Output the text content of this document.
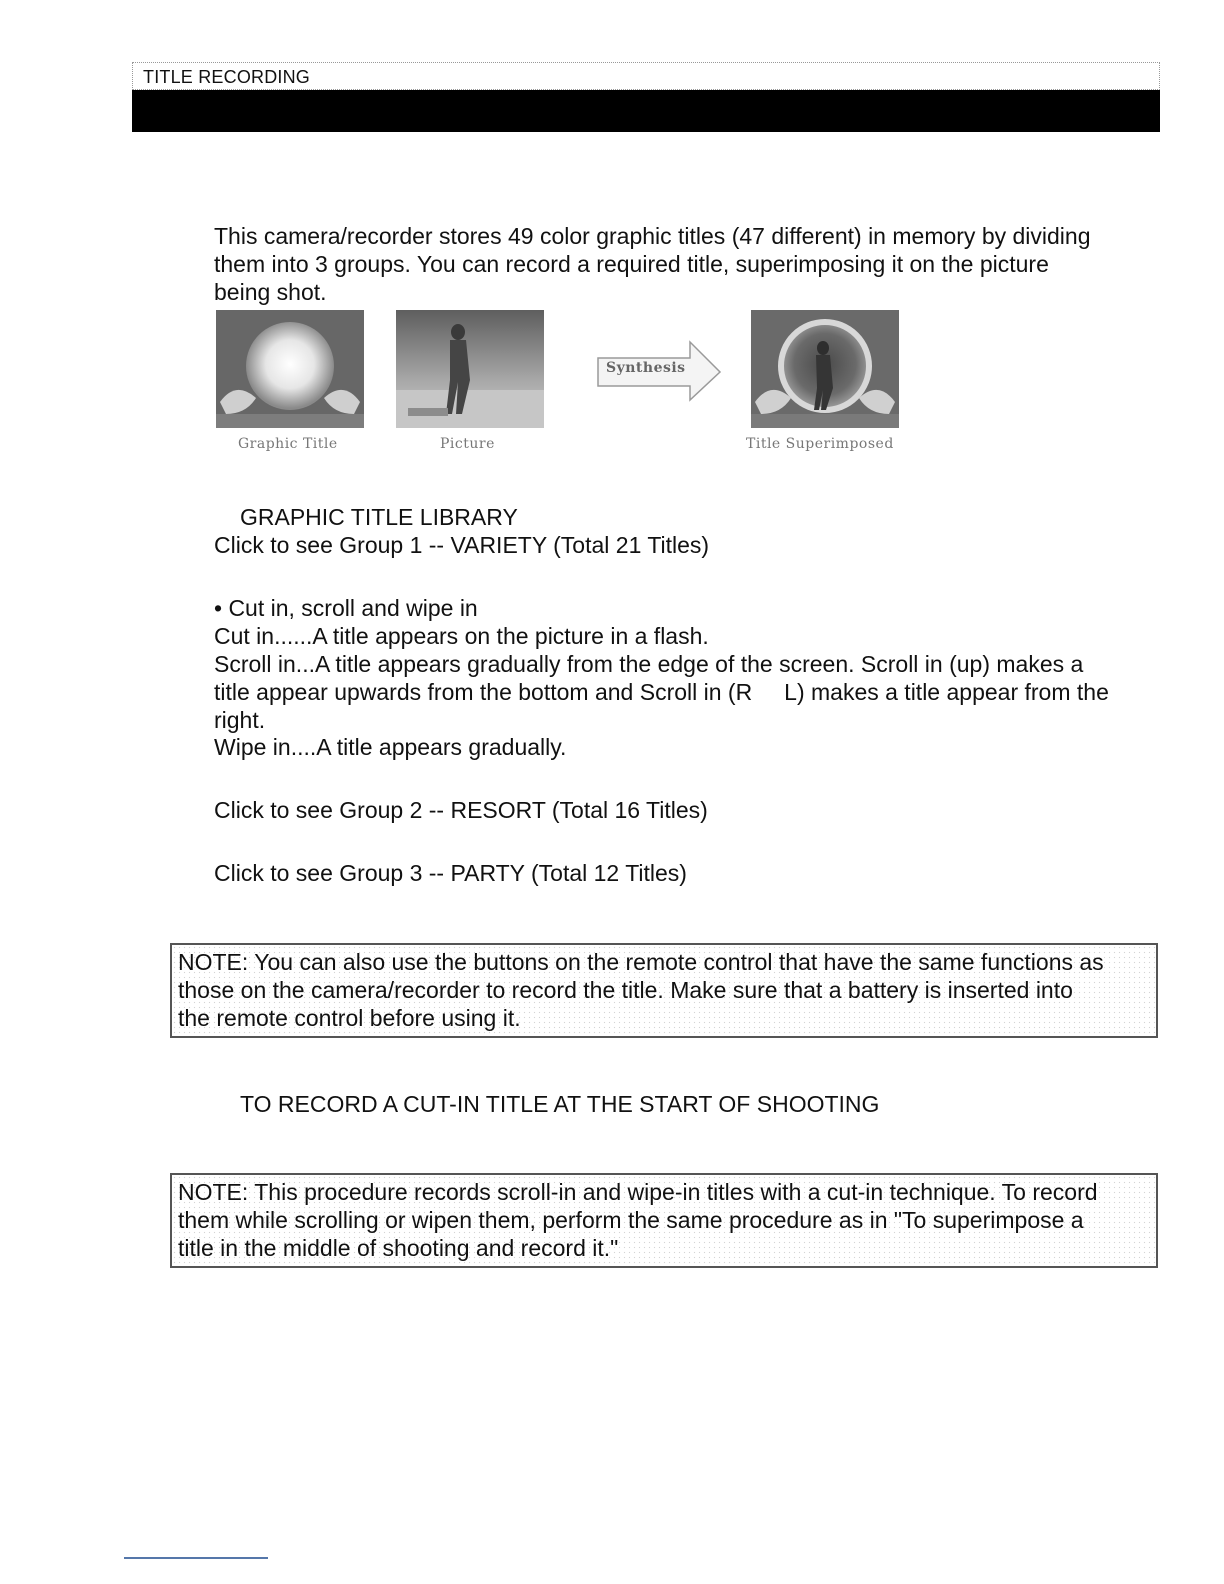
TITLE RECORDING
This camera/recorder stores 49 color graphic titles (47 different) in memory by dividing
them into 3 groups. You can record a required title, superimposing it on the picture
being shot.
Synthesis
Graphic Title	Picture	Title Superimposed
GRAPHIC TITLE LIBRARY
Click to see Group 1 -- VARIETY (Total 21 Titles)
• Cut in, scroll and wipe in
Cut in......A title appears on the picture in a flash.
Scroll in...A title appears gradually from the edge of the screen. Scroll in (up) makes a
title appear upwards from the bottom and Scroll in (R     L) makes a title appear from the
right.
Wipe in....A title appears gradually.
Click to see Group 2 -- RESORT (Total 16 Titles)
Click to see Group 3 -- PARTY (Total 12 Titles)
NOTE: You can also use the buttons on the remote control that have the same functions as
those on the camera/recorder to record the title. Make sure that a battery is inserted into
the remote control before using it.
TO RECORD A CUT-IN TITLE AT THE START OF SHOOTING
NOTE: This procedure records scroll-in and wipe-in titles with a cut-in technique. To record
them while scrolling or wipen them, perform the same procedure as in "To superimpose a
title in the middle of shooting and record it."
